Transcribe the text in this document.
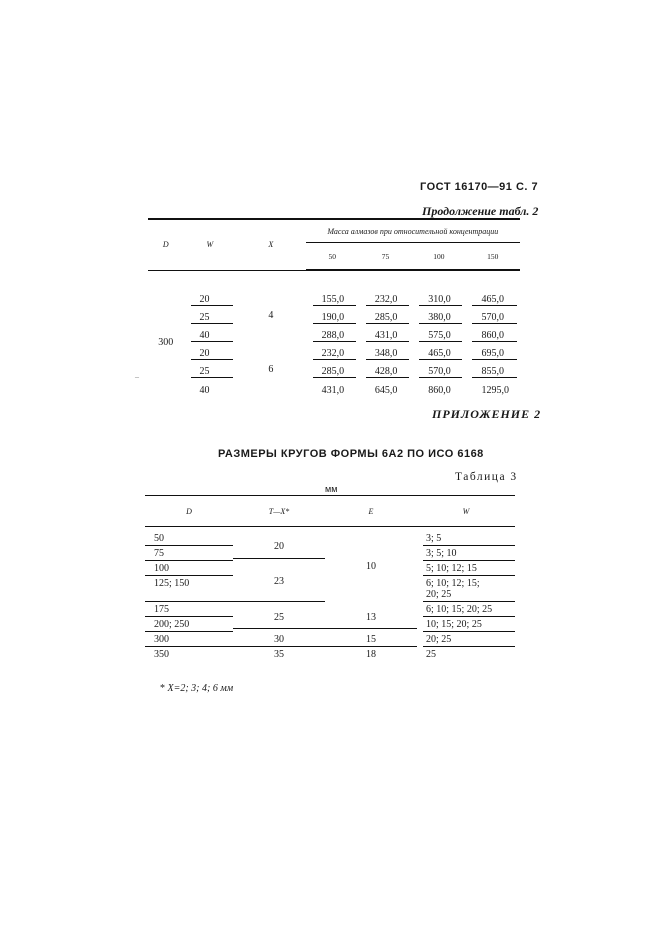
ГОСТ 16170—91 С. 7
Продолжение табл. 2
–
D	W	X	Масса алмазов при относительной концентрации			
			50	75	100	150

300	20	4	155,0	232,0	310,0	465,0

	25		190,0	285,0	380,0	570,0

	40		288,0	431,0	575,0	860,0

	20	6	232,0	348,0	465,0	695,0

	25		285,0	428,0	570,0	855,0

	40		431,0	645,0	860,0	1295,0
ПРИЛОЖЕНИЕ 2
РАЗМЕРЫ КРУГОВ ФОРМЫ 6А2 ПО ИСО 6168
Таблица 3
мм
D	T—X*	E	W

50	20	10	3; 5

75			3; 5; 10

100	23		5; 10; 12; 15

125; 150			6; 10; 12; 15;
20; 25

175	25	13	6; 10; 15; 20; 25

200; 250			10; 15; 20; 25

300	30	15	20; 25

350	35	18	25
* X=2; 3; 4; 6 мм
